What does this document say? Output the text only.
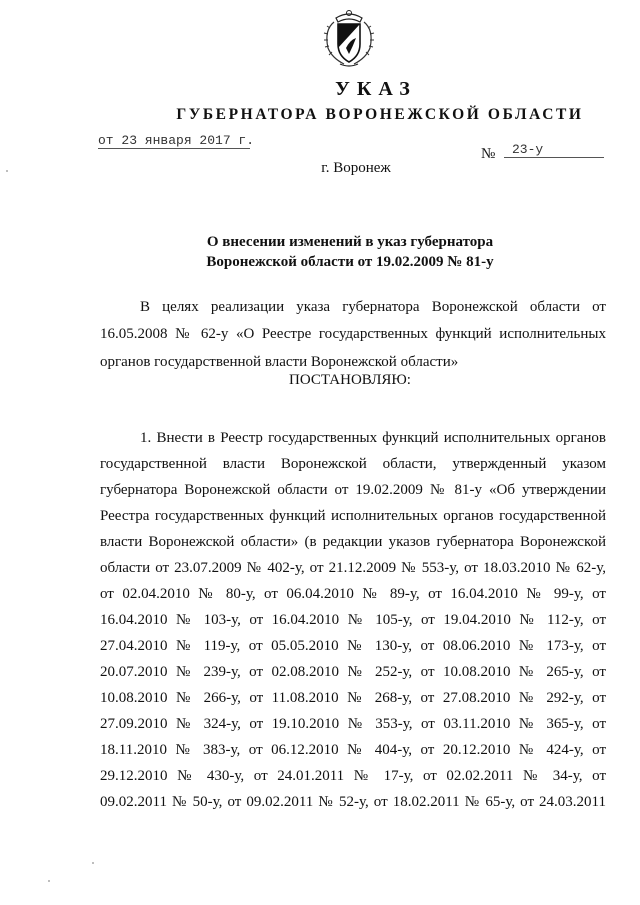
УКАЗ
ГУБЕРНАТОРА ВОРОНЕЖСКОЙ ОБЛАСТИ
от 23 января 2017 г.
№	23-у
г. Воронеж
О внесении изменений в указ губернатора
Воронежской области от 19.02.2009 № 81-у
В целях реализации указа губернатора Воронежской области от
16.05.2008 № 62-у «О Реестре государственных функций исполнительных
органов государственной власти Воронежской области»
ПОСТАНОВЛЯЮ:
1. Внести в Реестр государственных функций исполнительных органов
государственной власти Воронежской области, утвержденный указом
губернатора Воронежской области от 19.02.2009 № 81-у «Об утверждении
Реестра государственных функций исполнительных органов государственной
власти Воронежской области» (в редакции указов губернатора Воронежской
области от 23.07.2009 № 402-у, от 21.12.2009 № 553-у, от 18.03.2010 № 62-у,
от 02.04.2010 № 80-у, от 06.04.2010 № 89-у, от 16.04.2010 № 99-у, от
16.04.2010 № 103-у, от 16.04.2010 № 105-у, от 19.04.2010 № 112-у, от
27.04.2010 № 119-у, от 05.05.2010 № 130-у, от 08.06.2010 № 173-у, от
20.07.2010 № 239-у, от 02.08.2010 № 252-у, от 10.08.2010 № 265-у, от
10.08.2010 № 266-у, от 11.08.2010 № 268-у, от 27.08.2010 № 292-у, от
27.09.2010 № 324-у, от 19.10.2010 № 353-у, от 03.11.2010 № 365-у, от
18.11.2010 № 383-у, от 06.12.2010 № 404-у, от 20.12.2010 № 424-у, от
29.12.2010 № 430-у, от 24.01.2011 № 17-у, от 02.02.2011 № 34-у, от
09.02.2011 № 50-у, от 09.02.2011 № 52-у, от 18.02.2011 № 65-у, от 24.03.2011
